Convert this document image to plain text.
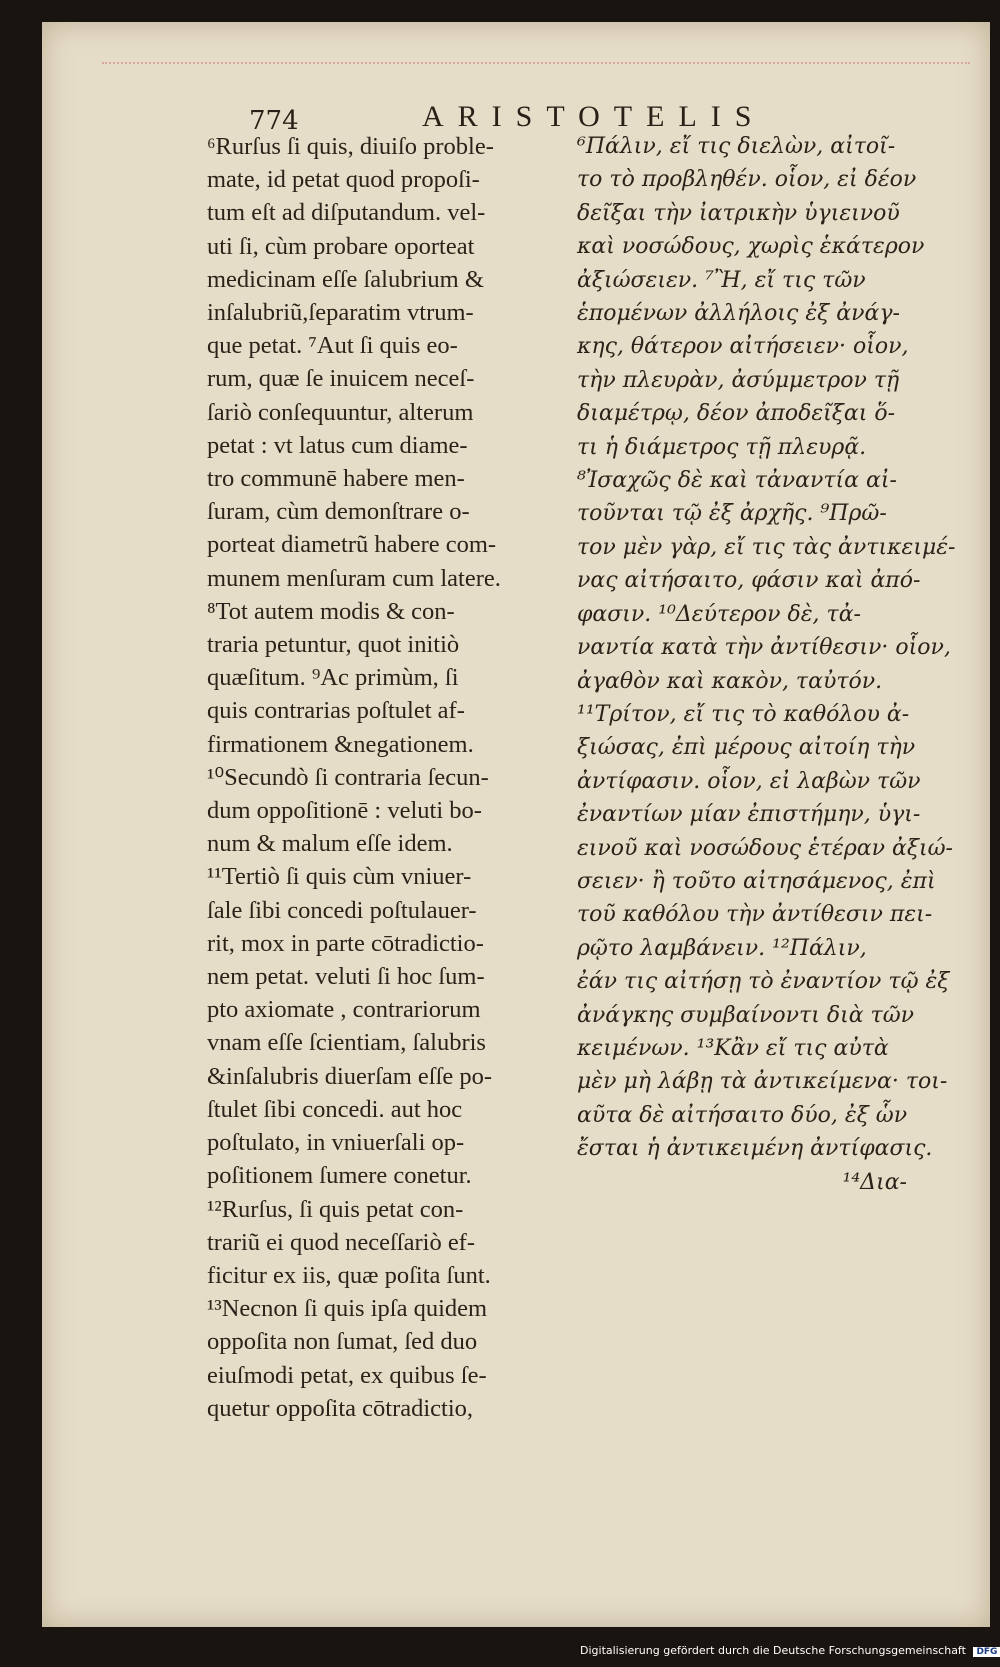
774	ARISTOTELIS
⁶Rurſus ſi quis, diuiſo proble-
mate, id petat quod propoſi-
tum eſt ad diſputandum. vel-
uti ſi, cùm probare oporteat
medicinam eſſe ſalubrium &
inſalubriũ,ſeparatim vtrum-
que petat. ⁷Aut ſi quis eo-
rum, quæ ſe inuicem neceſ-
ſariò conſequuntur, alterum
petat : vt latus cum diame-
tro communē habere men-
ſuram, cùm demonſtrare o-
porteat diametrũ habere com-
munem menſuram cum latere.
⁸Tot autem modis & con-
traria petuntur, quot initiò
quæſitum. ⁹Ac primùm, ſi
quis contrarias poſtulet af-
firmationem &negationem.
¹⁰Secundò ſi contraria ſecun-
dum oppoſitionē : veluti bo-
num & malum eſſe idem.
¹¹Tertiò ſi quis cùm vniuer-
ſale ſibi concedi poſtulauer-
rit, mox in parte cōtradictio-
nem petat. veluti ſi hoc ſum-
pto axiomate , contrariorum
vnam eſſe ſcientiam, ſalubris
&inſalubris diuerſam eſſe po-
ſtulet ſibi concedi. aut hoc
poſtulato, in vniuerſali op-
poſitionem ſumere conetur.
¹²Rurſus, ſi quis petat con-
trariũ ei quod neceſſariò ef-
ficitur ex iis, quæ poſita ſunt.
¹³Necnon ſi quis ipſa quidem
oppoſita non ſumat, ſed duo
eiuſmodi petat, ex quibus ſe-
quetur oppoſita cōtradictio,
⁶Πάλιν, εἴ τις διελὼν, αἰτοῖ-
το τὸ προβληθέν. οἷον, εἰ δέον
δεῖξαι τὴν ἰατρικὴν ὑγιεινοῦ
καὶ νοσώδους, χωρὶς ἑκάτερον
ἀξιώσειεν. ⁷Ἢ, εἴ τις τῶν
ἑπομένων ἀλλήλοις ἐξ ἀνάγ-
κης, θάτερον αἰτήσειεν· οἷον,
τὴν πλευρὰν, ἀσύμμετρον τῇ
διαμέτρῳ, δέον ἀποδεῖξαι ὅ-
τι ἡ διάμετρος τῇ πλευρᾷ.
⁸Ἰσαχῶς δὲ καὶ τἀναντία αἰ-
τοῦνται τῷ ἐξ ἀρχῆς. ⁹Πρῶ-
τον μὲν γὰρ, εἴ τις τὰς ἀντικειμέ-
νας αἰτήσαιτο, φάσιν καὶ ἀπό-
φασιν. ¹⁰Δεύτερον δὲ, τἀ-
ναντία κατὰ τὴν ἀντίθεσιν· οἷον,
ἀγαθὸν καὶ κακὸν, ταὐτόν.
¹¹Τρίτον, εἴ τις τὸ καθόλου ἀ-
ξιώσας, ἐπὶ μέρους αἰτοίη τὴν
ἀντίφασιν. οἷον, εἰ λαβὼν τῶν
ἐναντίων μίαν ἐπιστήμην, ὑγι-
εινοῦ καὶ νοσώδους ἑτέραν ἀξιώ-
σειεν· ἢ τοῦτο αἰτησάμενος, ἐπὶ
τοῦ καθόλου τὴν ἀντίθεσιν πει-
ρῷτο λαμβάνειν. ¹²Πάλιν,
ἐάν τις αἰτήσῃ τὸ ἐναντίον τῷ ἐξ
ἀνάγκης συμβαίνοντι διὰ τῶν
κειμένων. ¹³Κἂν εἴ τις αὐτὰ
μὲν μὴ λάβῃ τὰ ἀντικείμενα· τοι-
αῦτα δὲ αἰτήσαιτο δύο, ἐξ ὧν
ἔσται ἡ ἀντικειμένη ἀντίφασις.
¹⁴Δια-
Digitalisierung gefördert durch die Deutsche Forschungsgemeinschaft DFG
